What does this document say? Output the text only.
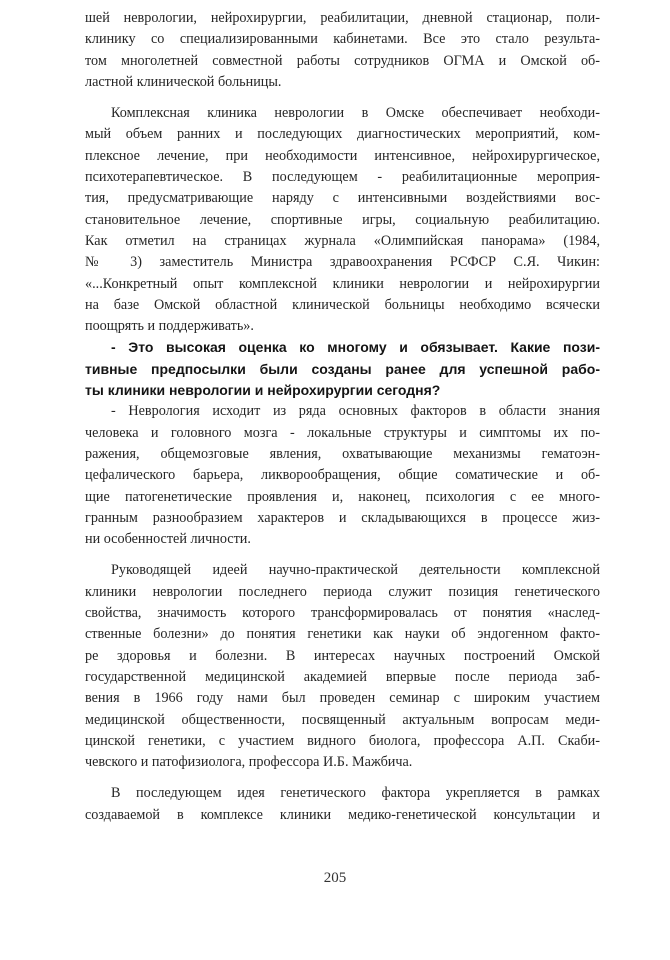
шей неврологии, нейрохирургии, реабилитации, дневной стационар, поли-
клинику со специализированными кабинетами. Все это стало результа-
том многолетней совместной работы сотрудников ОГМА и Омской об-
ластной клинической больницы.
Комплексная клиника неврологии в Омске обеспечивает необходи-
мый объем ранних и последующих диагностических мероприятий, ком-
плексное лечение, при необходимости интенсивное, нейрохирургическое,
психотерапевтическое. В последующем - реабилитационные мероприя-
тия, предусматривающие наряду с интенсивными воздействиями вос-
становительное лечение, спортивные игры, социальную реабилитацию.
Как отметил на страницах журнала «Олимпийская панорама» (1984,
№ 3) заместитель Министра здравоохранения РСФСР С.Я. Чикин:
«...Конкретный опыт комплексной клиники неврологии и нейрохирургии
на базе Омской областной клинической больницы необходимо всячески
поощрять и поддерживать».
- Это высокая оценка ко многому и обязывает. Какие пози-
тивные предпосылки были созданы ранее для успешной рабо-
ты клиники неврологии и нейрохирургии сегодня?
- Неврология исходит из ряда основных факторов в области знания
человека и головного мозга - локальные структуры и симптомы их по-
ражения, общемозговые явления, охватывающие механизмы гематоэн-
цефалического барьера, ликворообращения, общие соматические и об-
щие патогенетические проявления и, наконец, психология с ее много-
гранным разнообразием характеров и складывающихся в процессе жиз-
ни особенностей личности.
Руководящей идеей научно-практической деятельности комплексной
клиники неврологии последнего периода служит позиция генетического
свойства, значимость которого трансформировалась от понятия «наслед-
ственные болезни» до понятия генетики как науки об эндогенном факто-
ре здоровья и болезни. В интересах научных построений Омской
государственной медицинской академией впервые после периода заб-
вения в 1966 году нами был проведен семинар с широким участием
медицинской общественности, посвященный актуальным вопросам меди-
цинской генетики, с участием видного биолога, профессора А.П. Скаби-
чевского и патофизиолога, профессора И.Б. Мажбича.
В последующем идея генетического фактора укрепляется в рамках
создаваемой в комплексе клиники медико-генетической консультации и
205
